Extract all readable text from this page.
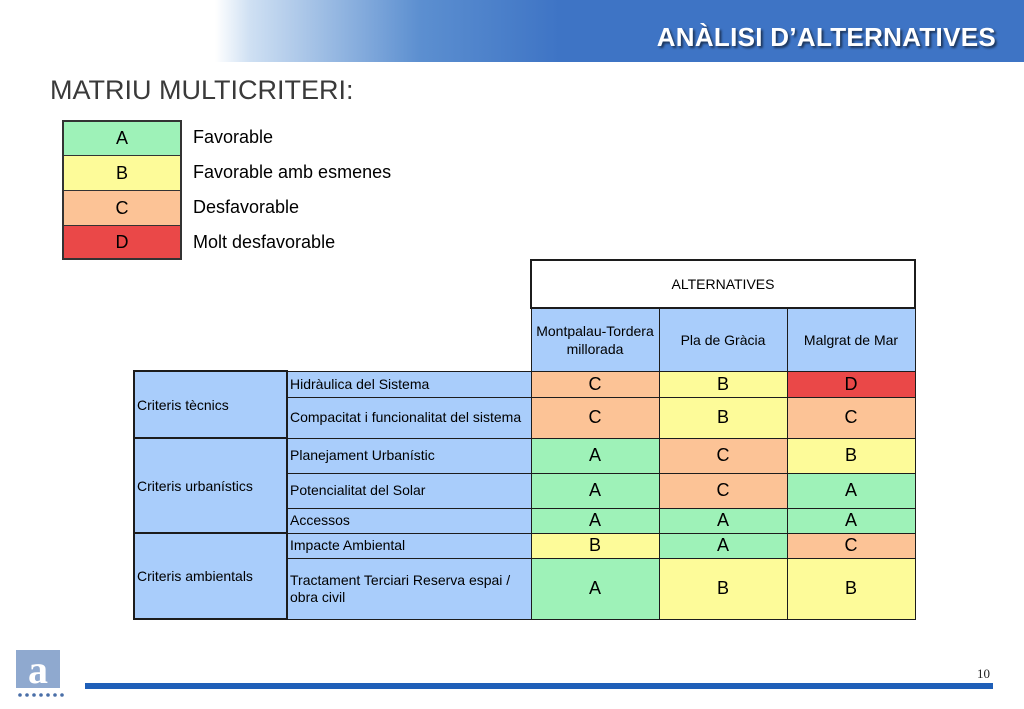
ANÀLISI D’ALTERNATIVES
MATRIU MULTICRITERI:
A	Favorable
B	Favorable amb esmenes
C	Desfavorable
D	Molt desfavorable
		ALTERNATIVES		
		Montpalau-Tordera millorada	Pla de Gràcia	Malgrat de Mar
Criteris tècnics	Hidràulica del Sistema	C	B	D
	Compacitat i funcionalitat del sistema	C	B	C
Criteris urbanístics	Planejament Urbanístic	A	C	B
	Potencialitat del Solar	A	C	A
	Accessos	A	A	A
Criteris ambientals	Impacte Ambiental	B	A	C
	Tractament Terciari Reserva espai / obra civil	A	B	B
a	10
